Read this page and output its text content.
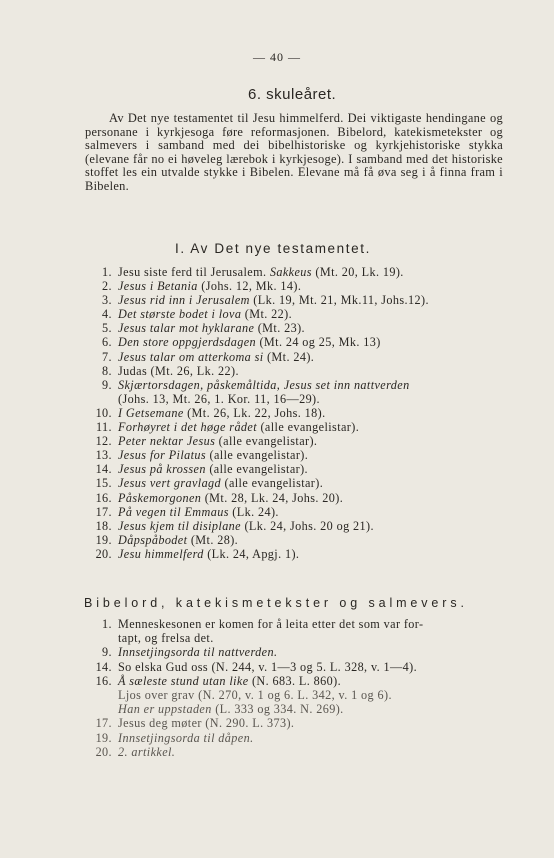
— 40 —
6. skuleåret.
Av Det nye testamentet til Jesu himmelferd. Dei viktigaste hendingane og personane i kyrkjesoga føre reformasjonen. Bibelord, katekismetekster og salmevers i samband med dei bibelhistoriske og kyrkjehistoriske stykka (elevane får no ei høveleg lærebok i kyrkjesoge). I samband med det historiske stoffet les ein utvalde stykke i Bibelen. Elevane må få øva seg i å finna fram i Bibelen.
I. Av Det nye testamentet.
1. Jesu siste ferd til Jerusalem. Sakkeus (Mt. 20, Lk. 19).
2. Jesus i Betania (Johs. 12, Mk. 14).
3. Jesus rid inn i Jerusalem (Lk. 19, Mt. 21, Mk.11, Johs.12).
4. Det største bodet i lova (Mt. 22).
5. Jesus talar mot hyklarane (Mt. 23).
6. Den store oppgjerdsdagen (Mt. 24 og 25, Mk. 13)
7. Jesus talar om atterkoma si (Mt. 24).
8. Judas (Mt. 26, Lk. 22).
9. Skjærtorsdagen, påskemåltida, Jesus set inn nattverden
(Johs. 13, Mt. 26, 1. Kor. 11, 16—29).
10. I Getsemane (Mt. 26, Lk. 22, Johs. 18).
11. Forhøyret i det høge rådet (alle evangelistar).
12. Peter nektar Jesus (alle evangelistar).
13. Jesus for Pilatus (alle evangelistar).
14. Jesus på krossen (alle evangelistar).
15. Jesus vert gravlagd (alle evangelistar).
16. Påskemorgonen (Mt. 28, Lk. 24, Johs. 20).
17. På vegen til Emmaus (Lk. 24).
18. Jesus kjem til disiplane (Lk. 24, Johs. 20 og 21).
19. Dåpspåbodet (Mt. 28).
20. Jesu himmelferd (Lk. 24, Apgj. 1).
Bibelord, katekismetekster og salmevers.
1. Menneskesonen er komen for å leita etter det som var for-
tapt, og frelsa det.
9. Innsetjingsorda til nattverden.
14. So elska Gud oss (N. 244, v. 1—3 og 5. L. 328, v. 1—4).
16. Å sæleste stund utan like (N. 683. L. 860).
Ljos over grav (N. 270, v. 1 og 6. L. 342, v. 1 og 6).
Han er uppstaden (L. 333 og 334. N. 269).
17. Jesus deg møter (N. 290. L. 373).
19. Innsetjingsorda til dåpen.
20. 2. artikkel.
